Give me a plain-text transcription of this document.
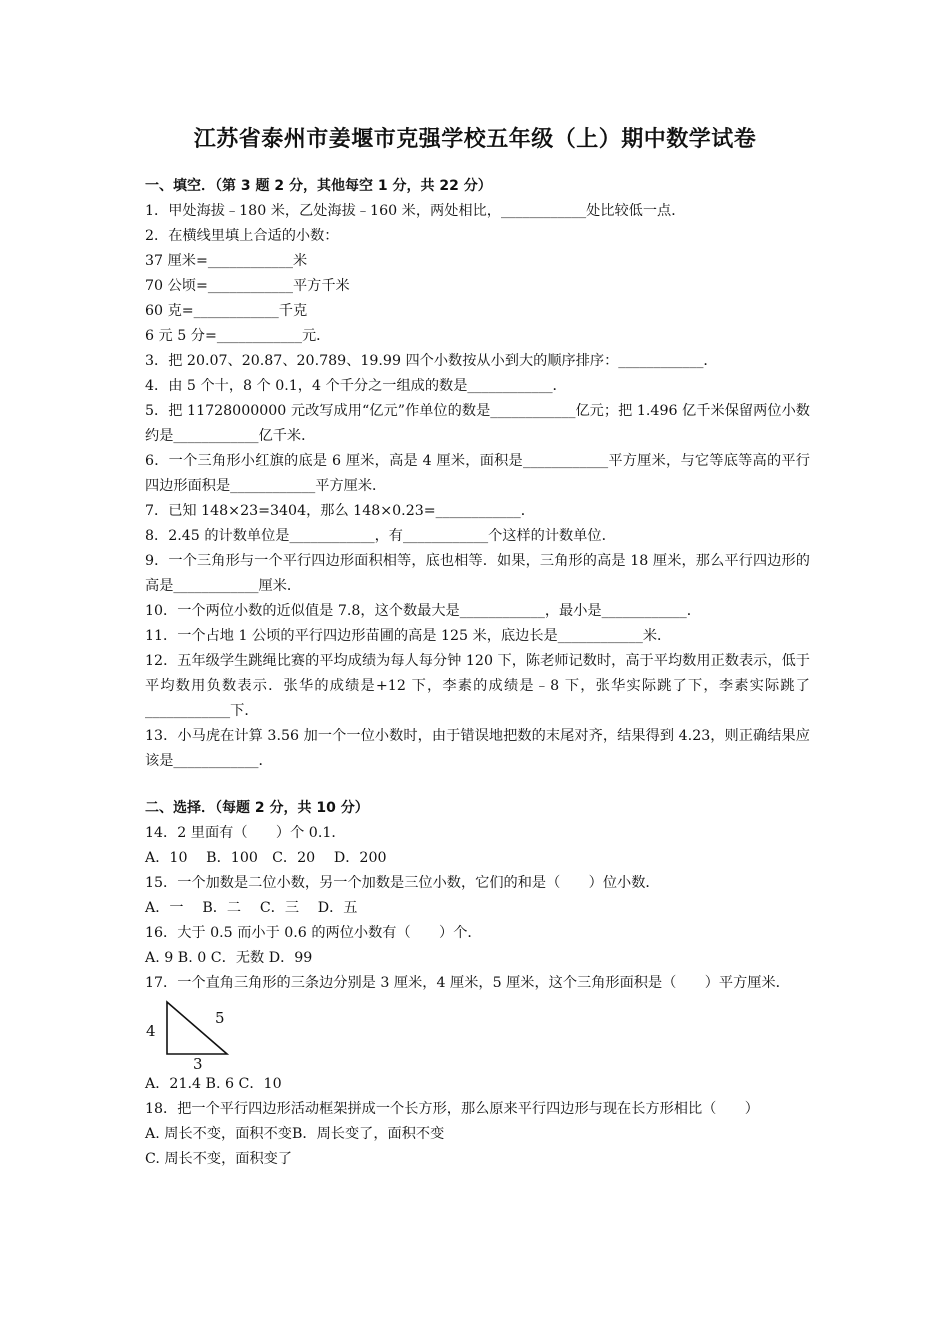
江苏省泰州市姜堰市克强学校五年级（上）期中数学试卷
一、填空．（第 3 题 2 分，其他每空 1 分，共 22 分）
1．甲处海拔﹣180 米，乙处海拔﹣160 米，两处相比，____________处比较低一点．
2．在横线里填上合适的小数：
37 厘米=____________米
70 公顷=____________平方千米
60 克=____________千克
6 元 5 分=____________元．
3．把 20.07、20.87、20.789、19.99 四个小数按从小到大的顺序排序：____________．
4．由 5 个十，8 个 0.1，4 个千分之一组成的数是____________．
5．把 11728000000 元改写成用“亿元”作单位的数是____________亿元；把 1.496 亿千米保留两位小数约是____________亿千米．
6．一个三角形小红旗的底是 6 厘米，高是 4 厘米，面积是____________平方厘米，与它等底等高的平行四边形面积是____________平方厘米．
7．已知 148×23=3404，那么 148×0.23=____________．
8．2.45 的计数单位是____________，有____________个这样的计数单位．
9．一个三角形与一个平行四边形面积相等，底也相等．如果，三角形的高是 18 厘米，那么平行四边形的高是____________厘米．
10．一个两位小数的近似值是 7.8，这个数最大是____________，最小是____________．
11．一个占地 1 公顷的平行四边形苗圃的高是 125 米，底边长是____________米．
12．五年级学生跳绳比赛的平均成绩为每人每分钟 120 下，陈老师记数时，高于平均数用正数表示，低于平均数用负数表示．张华的成绩是+12 下，李素的成绩是﹣8 下，张华实际跳了下，李素实际跳了____________下．
13．小马虎在计算 3.56 加一个一位小数时，由于错误地把数的末尾对齐，结果得到 4.23，则正确结果应该是____________．
二、选择．（每题 2 分，共 10 分）
14．2 里面有（　　）个 0.1．
A．10　 B．100　C．20　 D．200
15．一个加数是二位小数，另一个加数是三位小数，它们的和是（　　）位小数．
A．一　 B．二　 C．三　 D．五
16．大于 0.5 而小于 0.6 的两位小数有（　　）个．
A. 9 B. 0 C．无数 D．99
17．一个直角三角形的三条边分别是 3 厘米，4 厘米，5 厘米，这个三角形面积是（　　）平方厘米．
4
5
3
A．21.4 B. 6 C．10
18．把一个平行四边形活动框架拼成一个长方形，那么原来平行四边形与现在长方形相比（　　）
A. 周长不变，面积不变B．周长变了，面积不变
C. 周长不变，面积变了
